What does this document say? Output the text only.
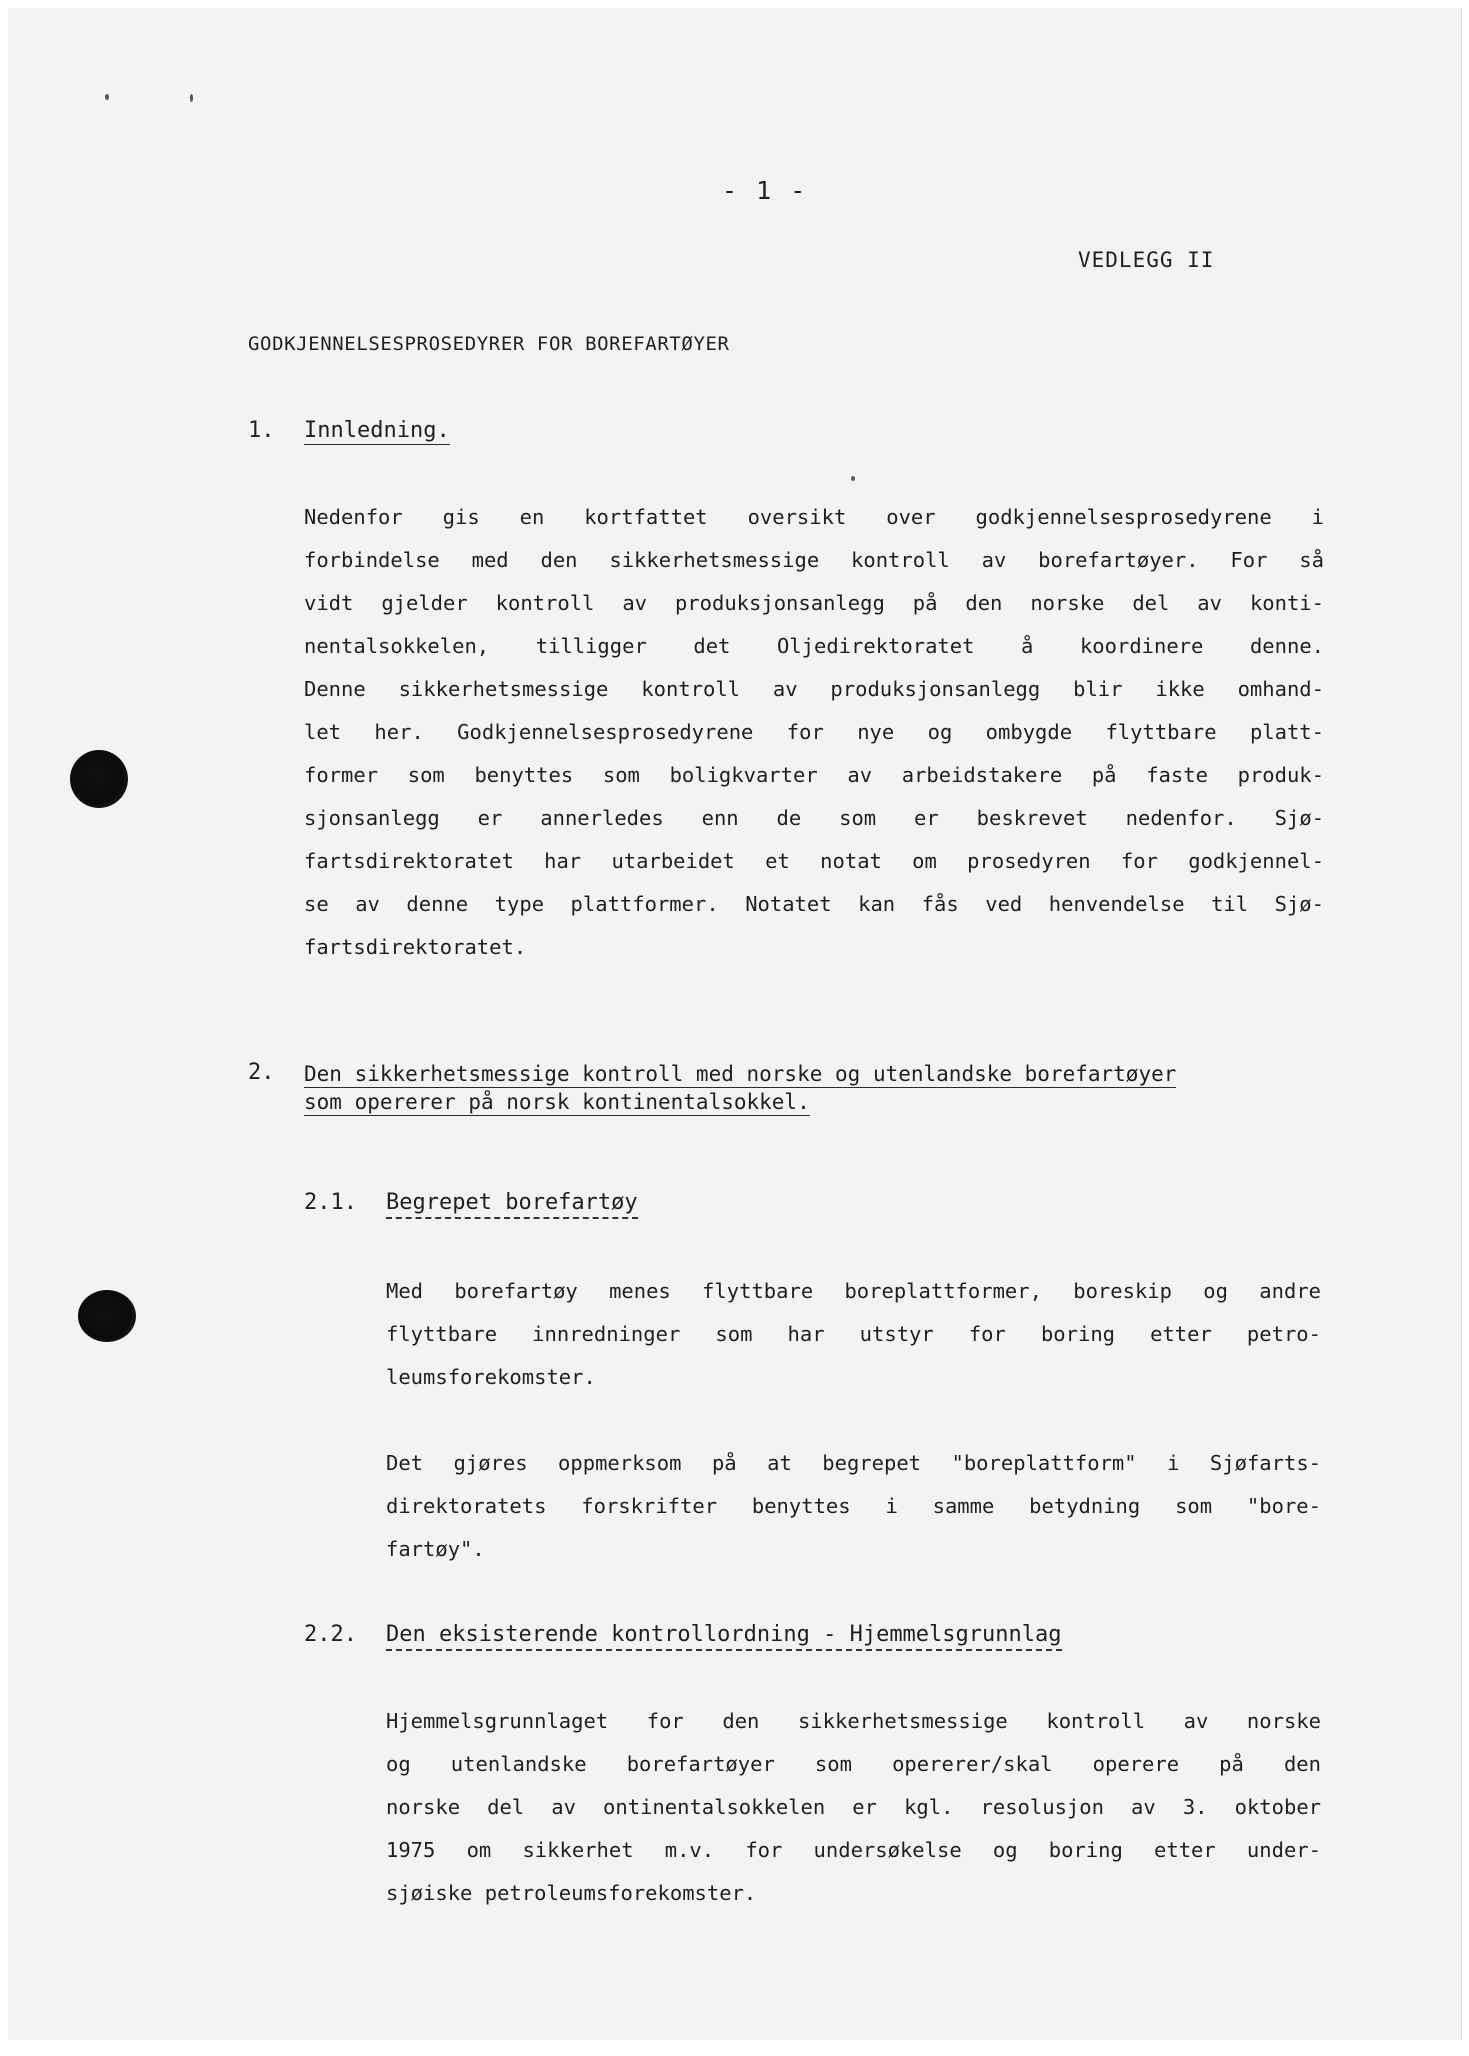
- 1 -
VEDLEGG II
GODKJENNELSESPROSEDYRER FOR BOREFARTØYER
1. Innledning.

Nedenfor gis en kortfattet oversikt over godkjennelsesprosedyrene i

forbindelse med den sikkerhetsmessige kontroll av borefartøyer. For så

vidt gjelder kontroll av produksjonsanlegg på den norske del av konti-

nentalsokkelen, tilligger det Oljedirektoratet å koordinere denne.

Denne sikkerhetsmessige kontroll av produksjonsanlegg blir ikke omhand-

let her. Godkjennelsesprosedyrene for nye og ombygde flyttbare platt-

former som benyttes som boligkvarter av arbeidstakere på faste produk-

sjonsanlegg er annerledes enn de som er beskrevet nedenfor. Sjø-

fartsdirektoratet har utarbeidet et notat om prosedyren for godkjennel-

se av denne type plattformer. Notatet kan fås ved henvendelse til Sjø-

fartsdirektoratet.

2. Den sikkerhetsmessige kontroll med norske og utenlandske borefartøyer
som opererer på norsk kontinentalsokkel.
2.1. Begrepet borefartøy

Med borefartøy menes flyttbare boreplattformer, boreskip og andre

flyttbare innredninger som har utstyr for boring etter petro-

leumsforekomster.

Det gjøres oppmerksom på at begrepet "boreplattform" i Sjøfarts-

direktoratets forskrifter benyttes i samme betydning som "bore-

fartøy".

2.2. Den eksisterende kontrollordning - Hjemmelsgrunnlag

Hjemmelsgrunnlaget for den sikkerhetsmessige kontroll av norske

og utenlandske borefartøyer som opererer/skal operere på den

norske del av ontinentalsokkelen er kgl. resolusjon av 3. oktober

1975 om sikkerhet m.v. for undersøkelse og boring etter under-

sjøiske petroleumsforekomster.
